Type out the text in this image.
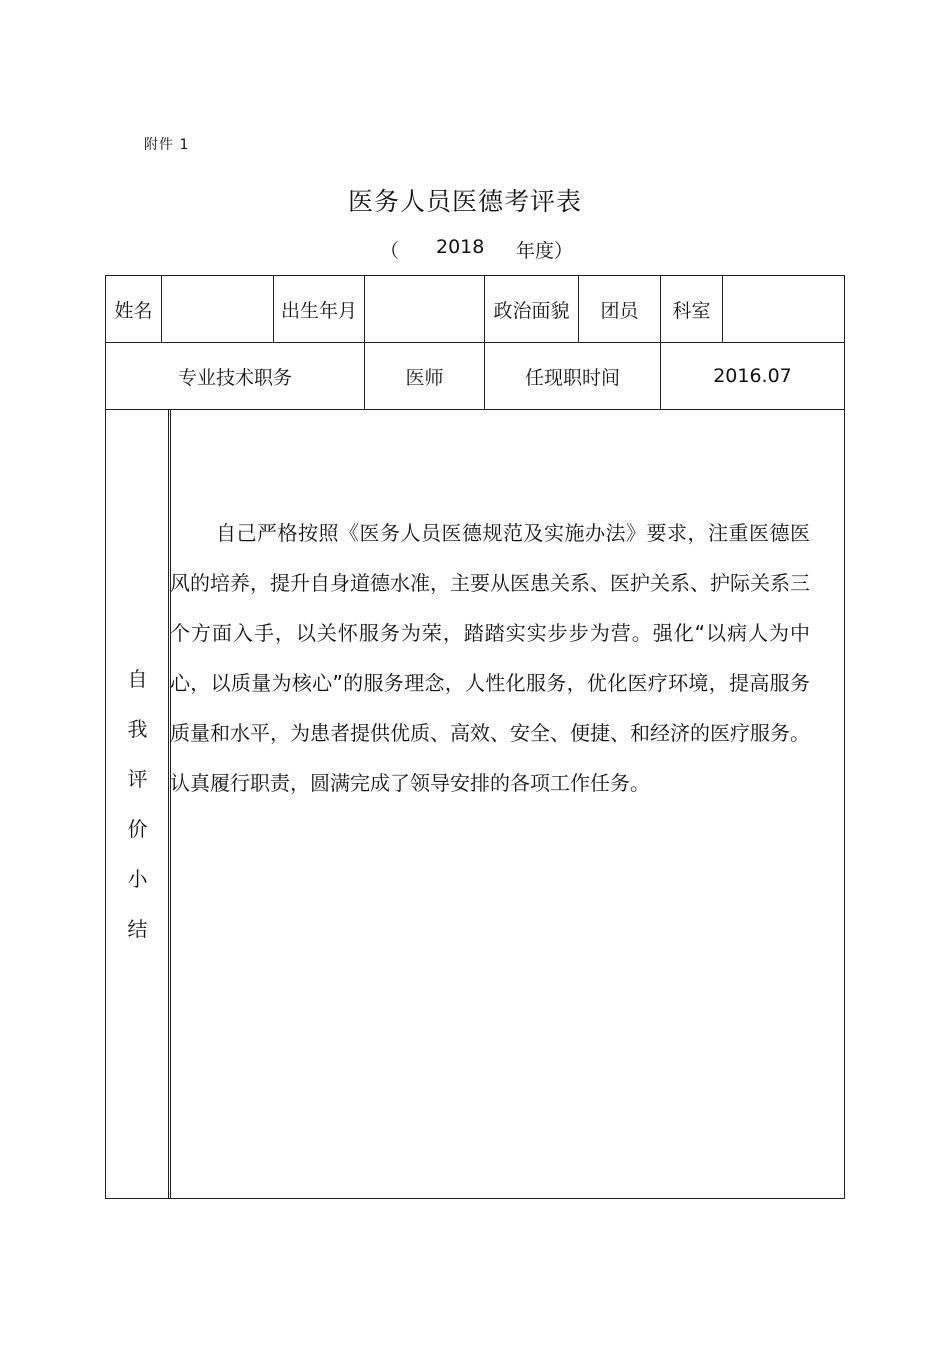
附件 1
医务人员医德考评表
（ 2018 年度）
姓名	出生年月	政治面貌	团员	科室
专业技术职务	医师	任现职时间	2016.07
自
我
评
价
小
结
自己严格按照《医务人员医德规范及实施办法》要求，注重医德医风的培养，提升自身道德水准，主要从医患关系、医护关系、护际关系三个方面入手，以关怀服务为荣，踏踏实实步步为营。强化“以病人为中心，以质量为核心”的服务理念，人性化服务，优化医疗环境，提高服务质量和水平，为患者提供优质、高效、安全、便捷、和经济的医疗服务。认真履行职责，圆满完成了领导安排的各项工作任务。
